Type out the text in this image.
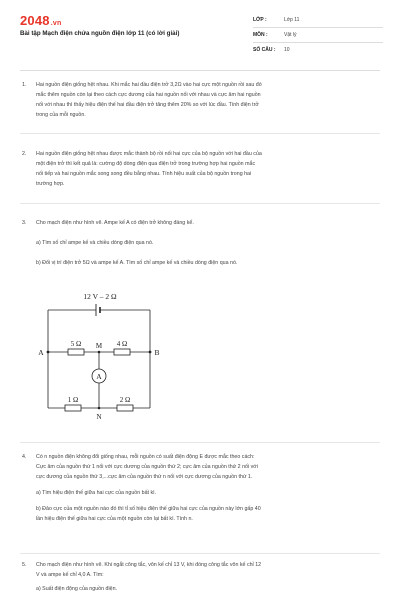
2048.vn
Bài tập Mạch điện chứa nguồn điện lớp 11 (có lời giải)
LỚP :	Lớp 11
MÔN :	Vật lý
SỐ CÂU : 10
1. Hai nguồn điện giống hệt nhau. Khi mắc hai đầu điện trở 3,2Ω vào hai cực một nguồn rồi sau đó
mắc thêm nguồn còn lại theo cách cực dương của hai nguồn nối với nhau và cực âm hai nguồn
nối với nhau thì thấy hiệu điện thế hai đầu điện trở tăng thêm 20% so với lúc đầu. Tính điện trở
trong của mỗi nguồn.
2. Hai nguồn điện giống hệt nhau được mắc thành bộ rồi nối hai cực của bộ nguồn với hai đầu của
một điện trở thì kết quả là: cường độ dòng điện qua điện trở trong trường hợp hai nguồn mắc
nối tiếp và hai nguồn mắc song song đều bằng nhau. Tính hiệu suất của bộ nguồn trong hai
trường hợp.
3. Cho mạch điện như hình vẽ. Ampe kế A có điện trở không đáng kể.
a) Tìm số chỉ ampe kế và chiều dòng điện qua nó.
b) Đổi vị trí điện trở 5Ω và ampe kế A. Tìm số chỉ ampe kế và chiều dòng điện qua nó.
12 V – 2 Ω
5 Ω	4 Ω
M
A	B
A
1 Ω	2 Ω
N
4. Có n nguồn điện không đổi giống nhau, mỗi nguồn có suất điện động E được mắc theo cách:
Cực âm của nguồn thứ 1 nối với cực dương của nguồn thứ 2; cực âm của nguồn thứ 2 nối với
cực dương của nguồn thứ 3,...cực âm của nguồn thứ n nối với cực dương của nguồn thứ 1.
a) Tìm hiệu điện thế giữa hai cực của nguồn bất kì.
b) Đảo cực của một nguồn nào đó thì tỉ số hiệu điện thế giữa hai cực của nguồn này lớn gấp 40
lần hiệu điện thế giữa hai cực của một nguồn còn lại bất kì. Tính n.
5. Cho mạch điện như hình vẽ. Khi ngắt công tắc, vôn kế chỉ 13 V, khi đóng công tắc vôn kế chỉ 12
V và ampe kế chỉ 4,0 A. Tìm:
a) Suất điện động của nguồn điện.
